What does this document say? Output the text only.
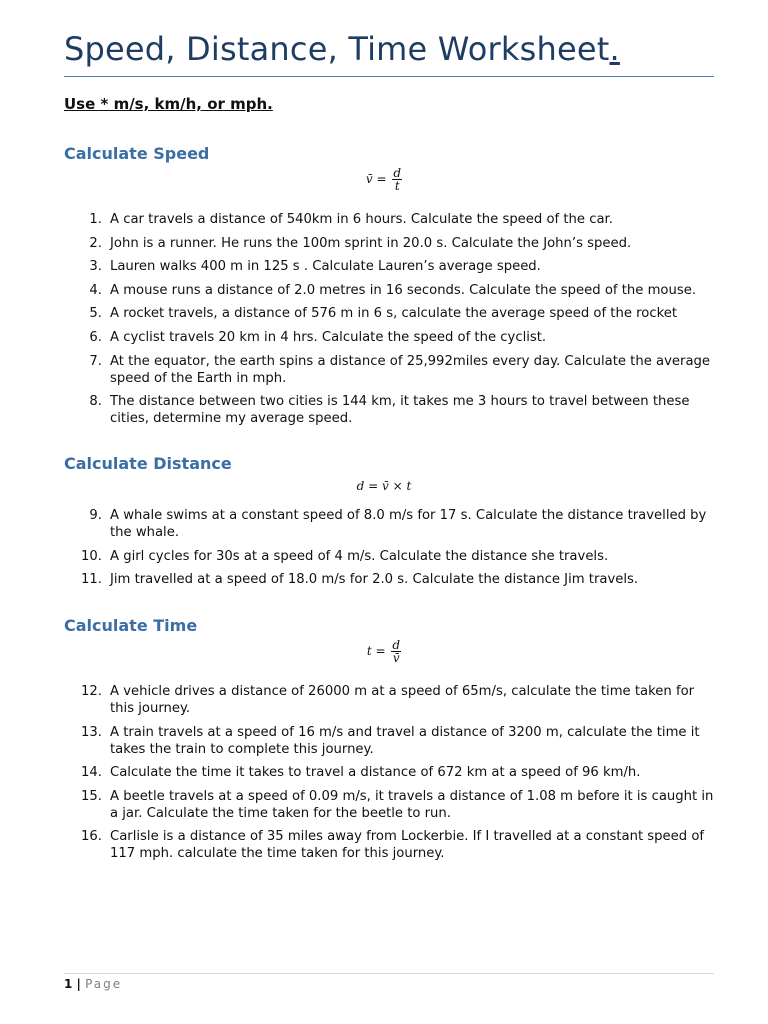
Speed, Distance, Time Worksheet.
Use * m/s, km/h, or mph.
Calculate Speed
v̄ = $\frac{d}{t}$
1. A car travels a distance of 540km in 6 hours. Calculate the speed of the car.
2. John is a runner. He runs the 100m sprint in 20.0 s. Calculate the John’s speed.
3. Lauren walks 400 m in 125 s . Calculate Lauren’s average speed.
4. A mouse runs a distance of 2.0 metres in 16 seconds. Calculate the speed of the mouse.
5. A rocket travels, a distance of 576 m in 6 s, calculate the average speed of the rocket
6. A cyclist travels 20 km in 4 hrs. Calculate the speed of the cyclist.
7. At the equator, the earth spins a distance of 25,992miles every day. Calculate the average speed of the Earth in mph.
8. The distance between two cities is 144 km, it takes me 3 hours to travel between these cities, determine my average speed.
Calculate Distance
d = v̄ × t
9. A whale swims at a constant speed of 8.0 m/s for 17 s. Calculate the distance travelled by the whale.
10. A girl cycles for 30s at a speed of 4 m/s. Calculate the distance she travels.
11. Jim travelled at a speed of 18.0 m/s for 2.0 s. Calculate the distance Jim travels.
Calculate Time
$t = \frac{d}{v̄}$
12. A vehicle drives a distance of 26000 m at a speed of 65m/s, calculate the time taken for this journey.
13. A train travels at a speed of 16 m/s and travel a distance of 3200 m, calculate the time it takes the train to complete this journey.
14. Calculate the time it takes to travel a distance of 672 km at a speed of 96 km/h.
15. A beetle travels at a speed of 0.09 m/s, it travels a distance of 1.08 m before it is caught in a jar. Calculate the time taken for the beetle to run.
16. Carlisle is a distance of 35 miles away from Lockerbie. If I travelled at a constant speed of 117 mph. calculate the time taken for this journey.
1 | Page
